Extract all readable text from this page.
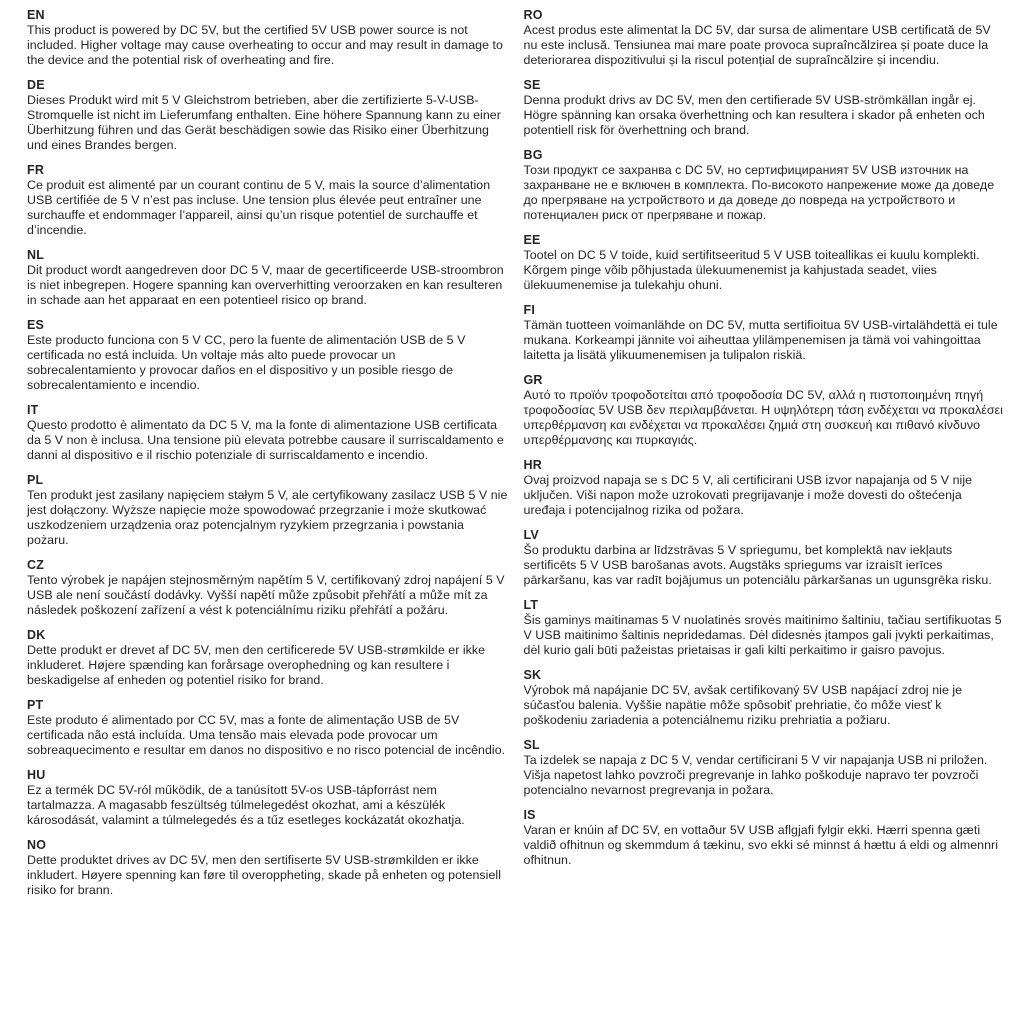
EN

This product is powered by DC 5V, but the certified 5V USB power source is not included. Higher voltage may cause overheating to occur and may result in damage to the device and the potential risk of overheating and fire.

DE

Dieses Produkt wird mit 5 V Gleichstrom betrieben, aber die zertifizierte 5-V-USB-Stromquelle ist nicht im Lieferumfang enthalten. Eine höhere Spannung kann zu einer Überhitzung führen und das Gerät beschädigen sowie das Risiko einer Überhitzung und eines Brandes bergen.

FR

Ce produit est alimenté par un courant continu de 5 V, mais la source d’alimentation USB certifiée de 5 V n’est pas incluse. Une tension plus élevée peut entraîner une surchauffe et endommager l’appareil, ainsi qu’un risque potentiel de surchauffe et d’incendie.

NL

Dit product wordt aangedreven door DC 5 V, maar de gecertificeerde USB-stroombron is niet inbegrepen. Hogere spanning kan oververhitting veroorzaken en kan resulteren in schade aan het apparaat en een potentieel risico op brand.

ES

Este producto funciona con 5 V CC, pero la fuente de alimentación USB de 5 V certificada no está incluida. Un voltaje más alto puede provocar un sobrecalentamiento y provocar daños en el dispositivo y un posible riesgo de sobrecalentamiento e incendio.

IT

Questo prodotto è alimentato da DC 5 V, ma la fonte di alimentazione USB certificata da 5 V non è inclusa. Una tensione più elevata potrebbe causare il surriscaldamento e danni al dispositivo e il rischio potenziale di surriscaldamento e incendio.

PL

Ten produkt jest zasilany napięciem stałym 5 V, ale certyfikowany zasilacz USB 5 V nie jest dołączony. Wyższe napięcie może spowodować przegrzanie i może skutkować uszkodzeniem urządzenia oraz potencjalnym ryzykiem przegrzania i powstania pożaru.

CZ

Tento výrobek je napájen stejnosměrným napětím 5 V, certifikovaný zdroj napájení 5 V USB ale není součástí dodávky. Vyšší napětí může způsobit přehřátí a může mít za následek poškození zařízení a vést k potenciálnímu riziku přehřátí a požáru.

DK

Dette produkt er drevet af DC 5V, men den certificerede 5V USB-strømkilde er ikke inkluderet. Højere spænding kan forårsage overophedning og kan resultere i beskadigelse af enheden og potentiel risiko for brand.

PT

Este produto é alimentado por CC 5V, mas a fonte de alimentação USB de 5V certificada não está incluída. Uma tensão mais elevada pode provocar um sobreaquecimento e resultar em danos no dispositivo e no risco potencial de incêndio.

HU

Ez a termék DC 5V-ról működik, de a tanúsított 5V-os USB-tápforrást nem tartalmazza. A magasabb feszültség túlmelegedést okozhat, ami a készülék károsodását, valamint a túlmelegedés és a tűz esetleges kockázatát okozhatja.

NO

Dette produktet drives av DC 5V, men den sertifiserte 5V USB-strømkilden er ikke inkludert. Høyere spenning kan føre til overoppheting, skade på enheten og potensiell risiko for brann.

RO

Acest produs este alimentat la DC 5V, dar sursa de alimentare USB certificată de 5V nu este inclusă. Tensiunea mai mare poate provoca supraîncălzirea și poate duce la deteriorarea dispozitivului și la riscul potențial de supraîncălzire și incendiu.

SE

Denna produkt drivs av DC 5V, men den certifierade 5V USB-strömkällan ingår ej. Högre spänning kan orsaka överhettning och kan resultera i skador på enheten och potentiell risk för överhettning och brand.

BG

Този продукт се захранва с DC 5V, но сертифицираният 5V USB източник на захранване не е включен в комплекта. По-високото напрежение може да доведе до прегряване на устройството и да доведе до повреда на устройството и потенциален риск от прегряване и пожар.

EE

Tootel on DC 5 V toide, kuid sertifitseeritud 5 V USB toiteallikas ei kuulu komplekti. Kõrgem pinge võib põhjustada ülekuumenemist ja kahjustada seadet, viies ülekuumenemise ja tulekahju ohuni.

FI

Tämän tuotteen voimanlähde on DC 5V, mutta sertifioitua 5V USB-virtalähdettä ei tule mukana. Korkeampi jännite voi aiheuttaa ylilämpenemisen ja tämä voi vahingoittaa laitetta ja lisätä ylikuumenemisen ja tulipalon riskiä.

GR

Αυτό το προϊόν τροφοδοτείται από τροφοδοσία DC 5V, αλλά η πιστοποιημένη πηγή τροφοδοσίας 5V USB δεν περιλαμβάνεται. Η υψηλότερη τάση ενδέχεται να προκαλέσει υπερθέρμανση και ενδέχεται να προκαλέσει ζημιά στη συσκευή και πιθανό κίνδυνο υπερθέρμανσης και πυρκαγιάς.

HR

Ovaj proizvod napaja se s DC 5 V, ali certificirani USB izvor napajanja od 5 V nije uključen. Viši napon može uzrokovati pregrijavanje i može dovesti do oštećenja uređaja i potencijalnog rizika od požara.

LV

Šo produktu darbina ar līdzstrāvas 5 V spriegumu, bet komplektā nav iekļauts sertificēts 5 V USB barošanas avots. Augstāks spriegums var izraisīt ierīces pārkaršanu, kas var radīt bojājumus un potenciālu pārkaršanas un ugunsgrēka risku.

LT

Šis gaminys maitinamas 5 V nuolatinės srovės maitinimo šaltiniu, tačiau sertifikuotas 5 V USB maitinimo šaltinis nepridedamas. Dėl didesnės įtampos gali įvykti perkaitimas, dėl kurio gali būti pažeistas prietaisas ir gali kilti perkaitimo ir gaisro pavojus.

SK

Výrobok má napájanie DC 5V, avšak certifikovaný 5V USB napájací zdroj nie je súčasťou balenia. Vyššie napätie môže spôsobiť prehriatie, čo môže viesť k poškodeniu zariadenia a potenciálnemu riziku prehriatia a požiaru.

SL

Ta izdelek se napaja z DC 5 V, vendar certificirani 5 V vir napajanja USB ni priložen. Višja napetost lahko povzroči pregrevanje in lahko poškoduje napravo ter povzroči potencialno nevarnost pregrevanja in požara.

IS

Varan er knúin af DC 5V, en vottaður 5V USB aflgjafi fylgir ekki. Hærri spenna gæti valdið ofhitnun og skemmdum á tækinu, svo ekki sé minnst á hættu á eldi og almennri ofhitnun.
